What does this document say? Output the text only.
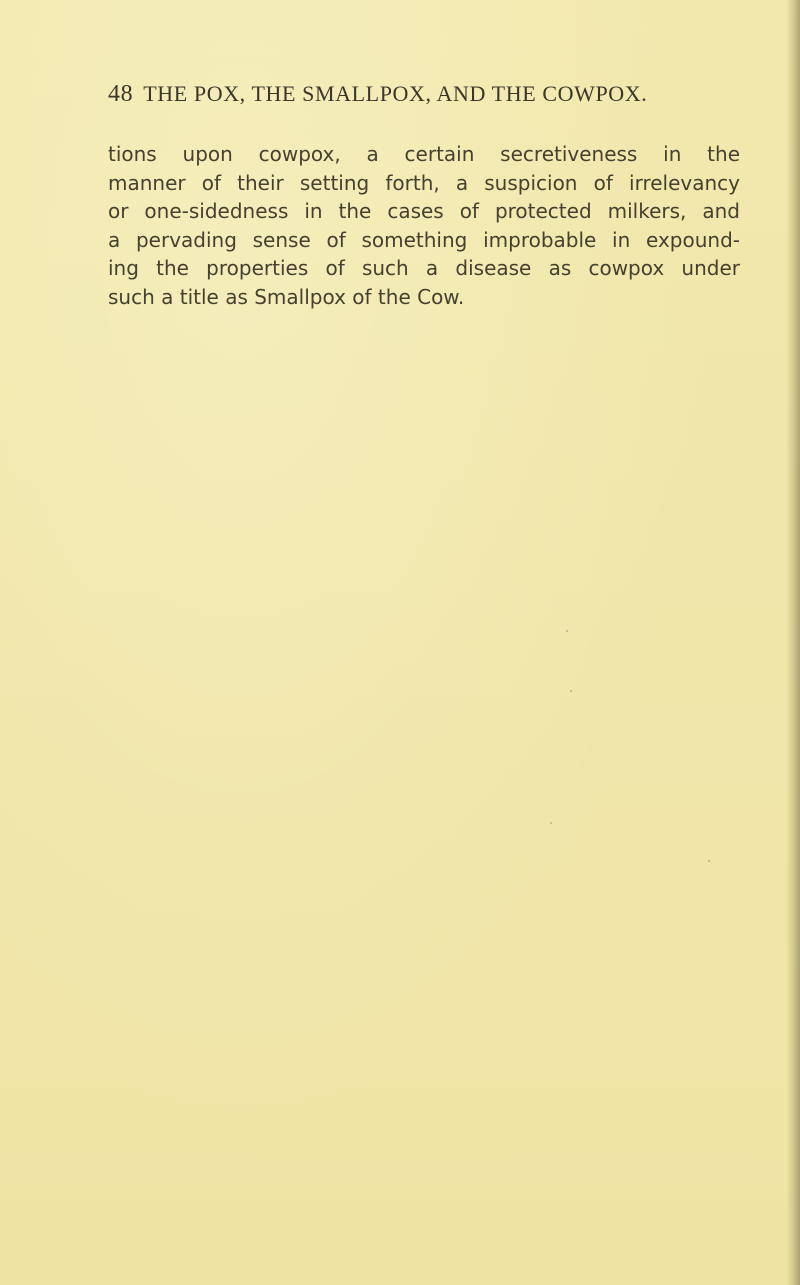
48 THE POX, THE SMALLPOX, AND THE COWPOX.
tions upon cowpox, a certain secretiveness in the
manner of their setting forth, a suspicion of irrelevancy
or one-sidedness in the cases of protected milkers, and
a pervading sense of something improbable in expound-
ing the properties of such a disease as cowpox under
such a title as Smallpox of the Cow.
